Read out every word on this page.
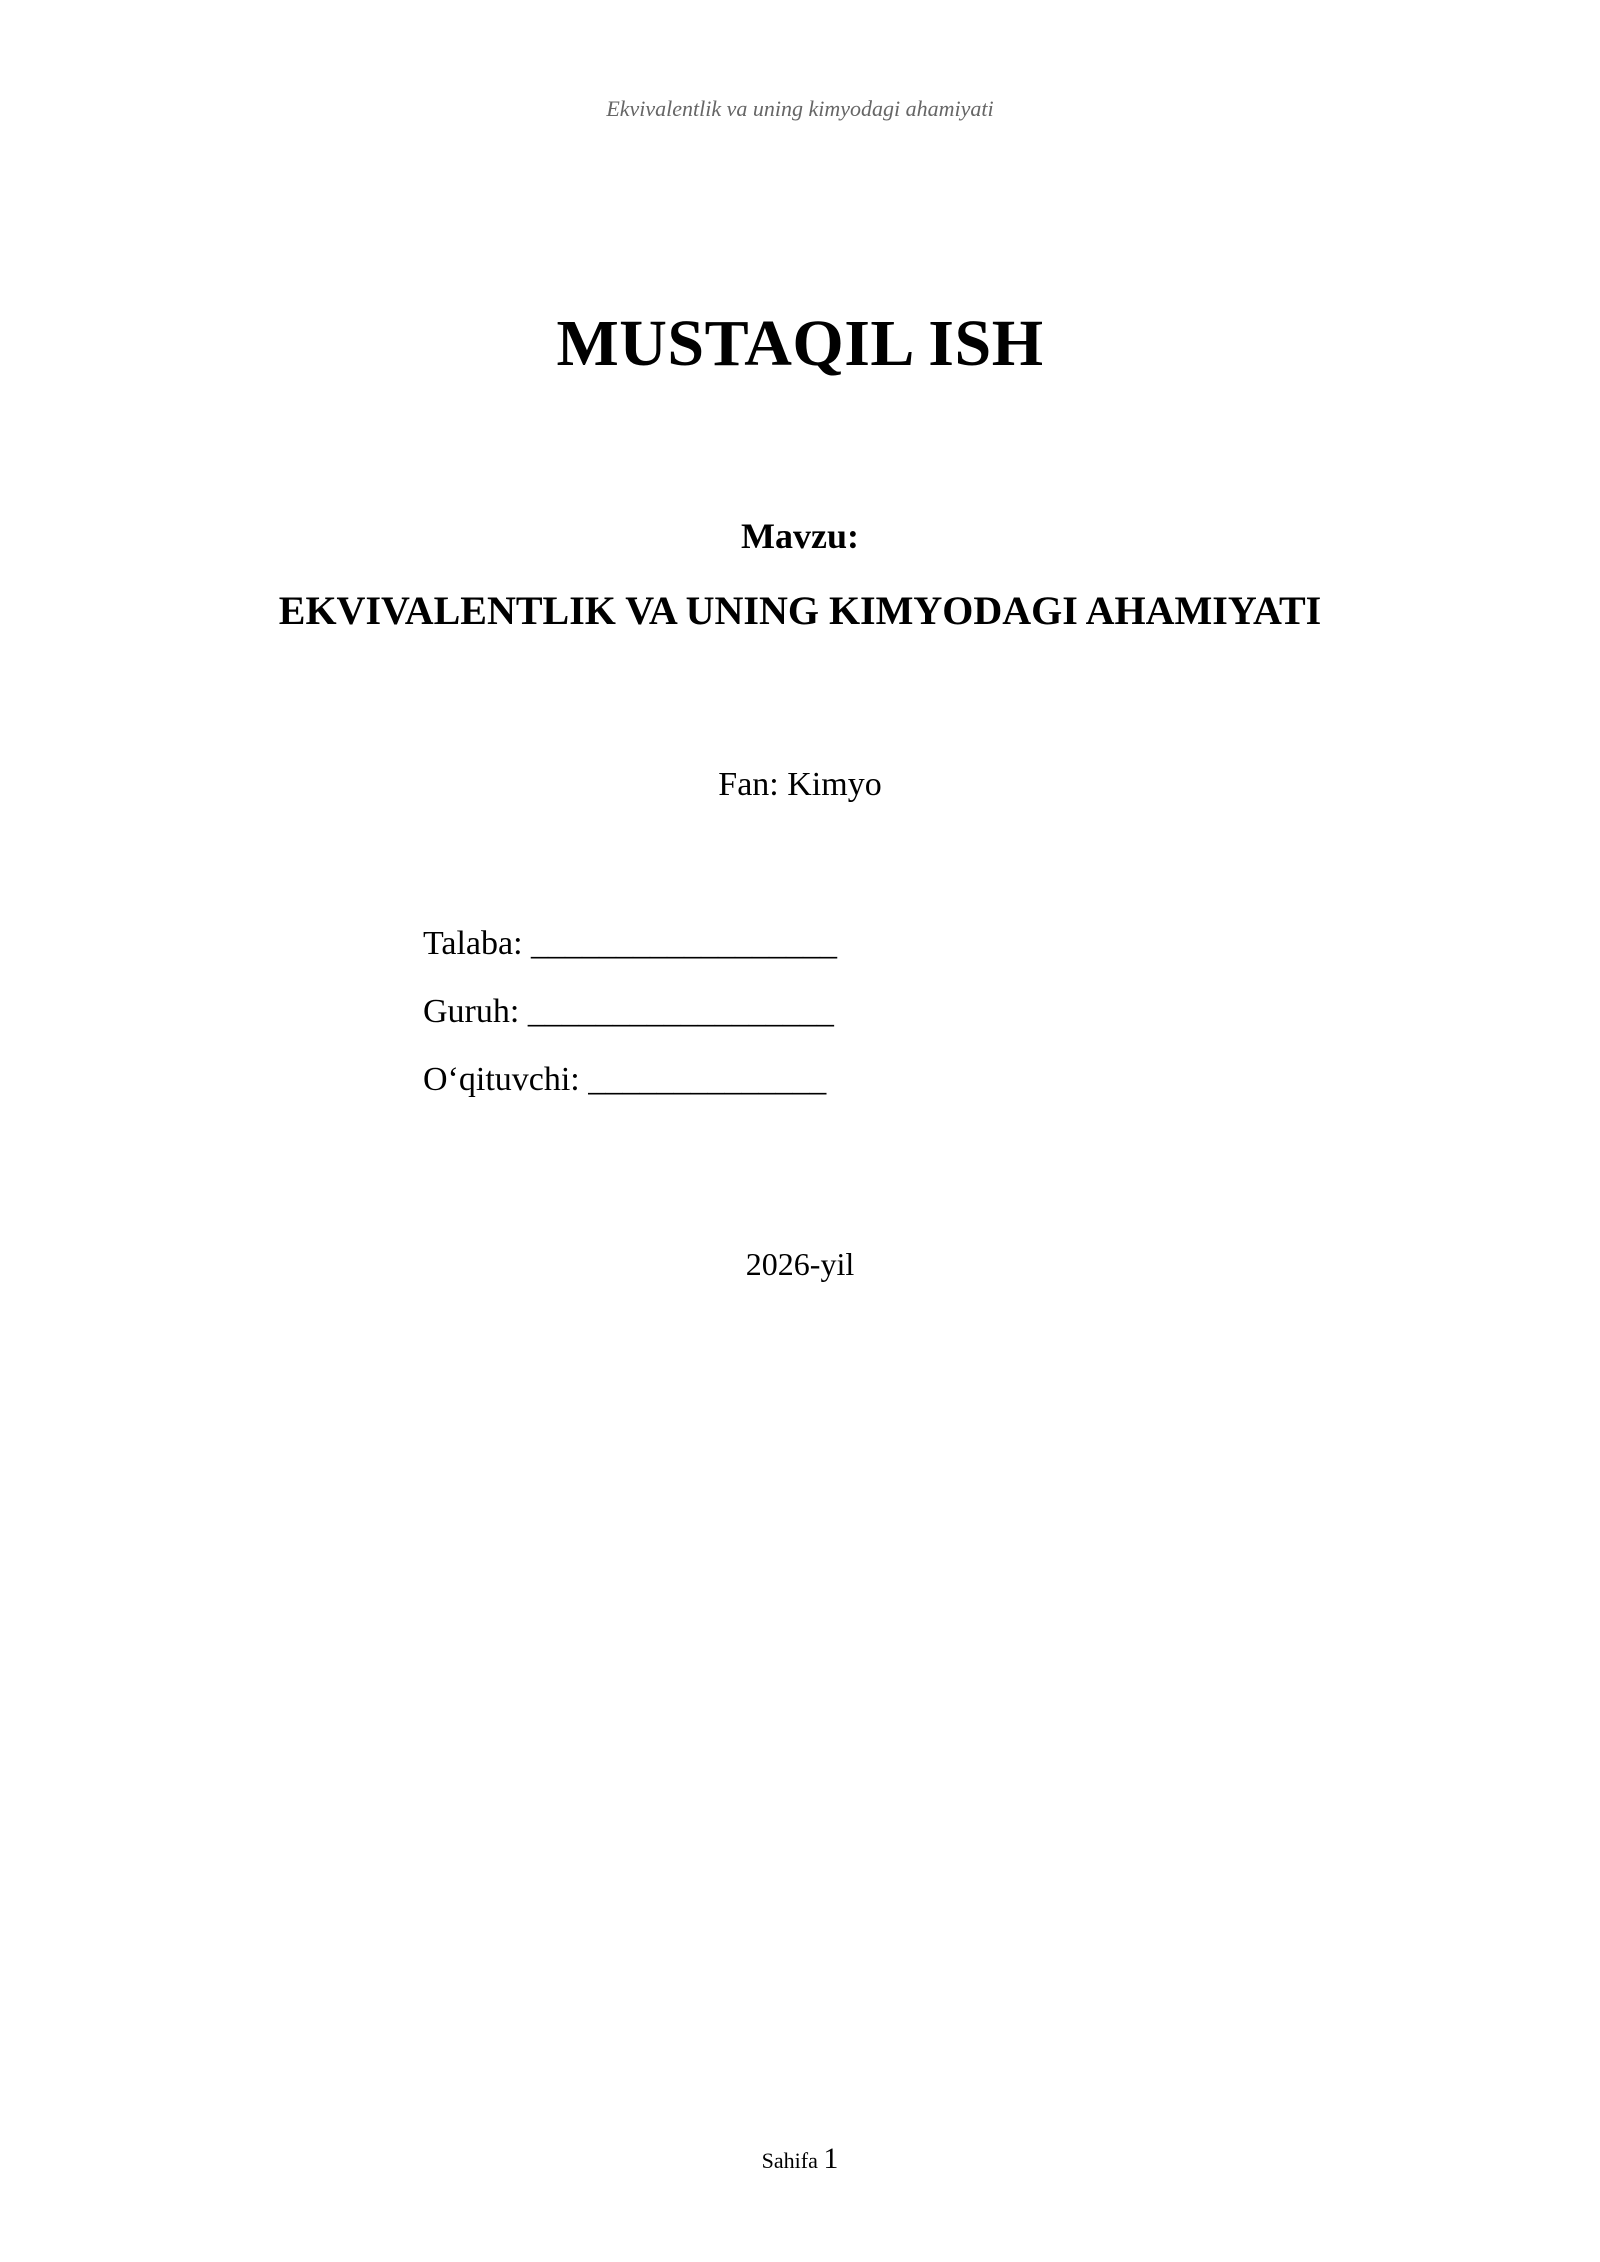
Ekvivalentlik va uning kimyodagi ahamiyati
MUSTAQIL ISH
Mavzu:
EKVIVALENTLIK VA UNING KIMYODAGI AHAMIYATI
Fan: Kimyo
Talaba: __________________
Guruh: __________________
O‘qituvchi: ______________
2026-yil
Sahifa 1
